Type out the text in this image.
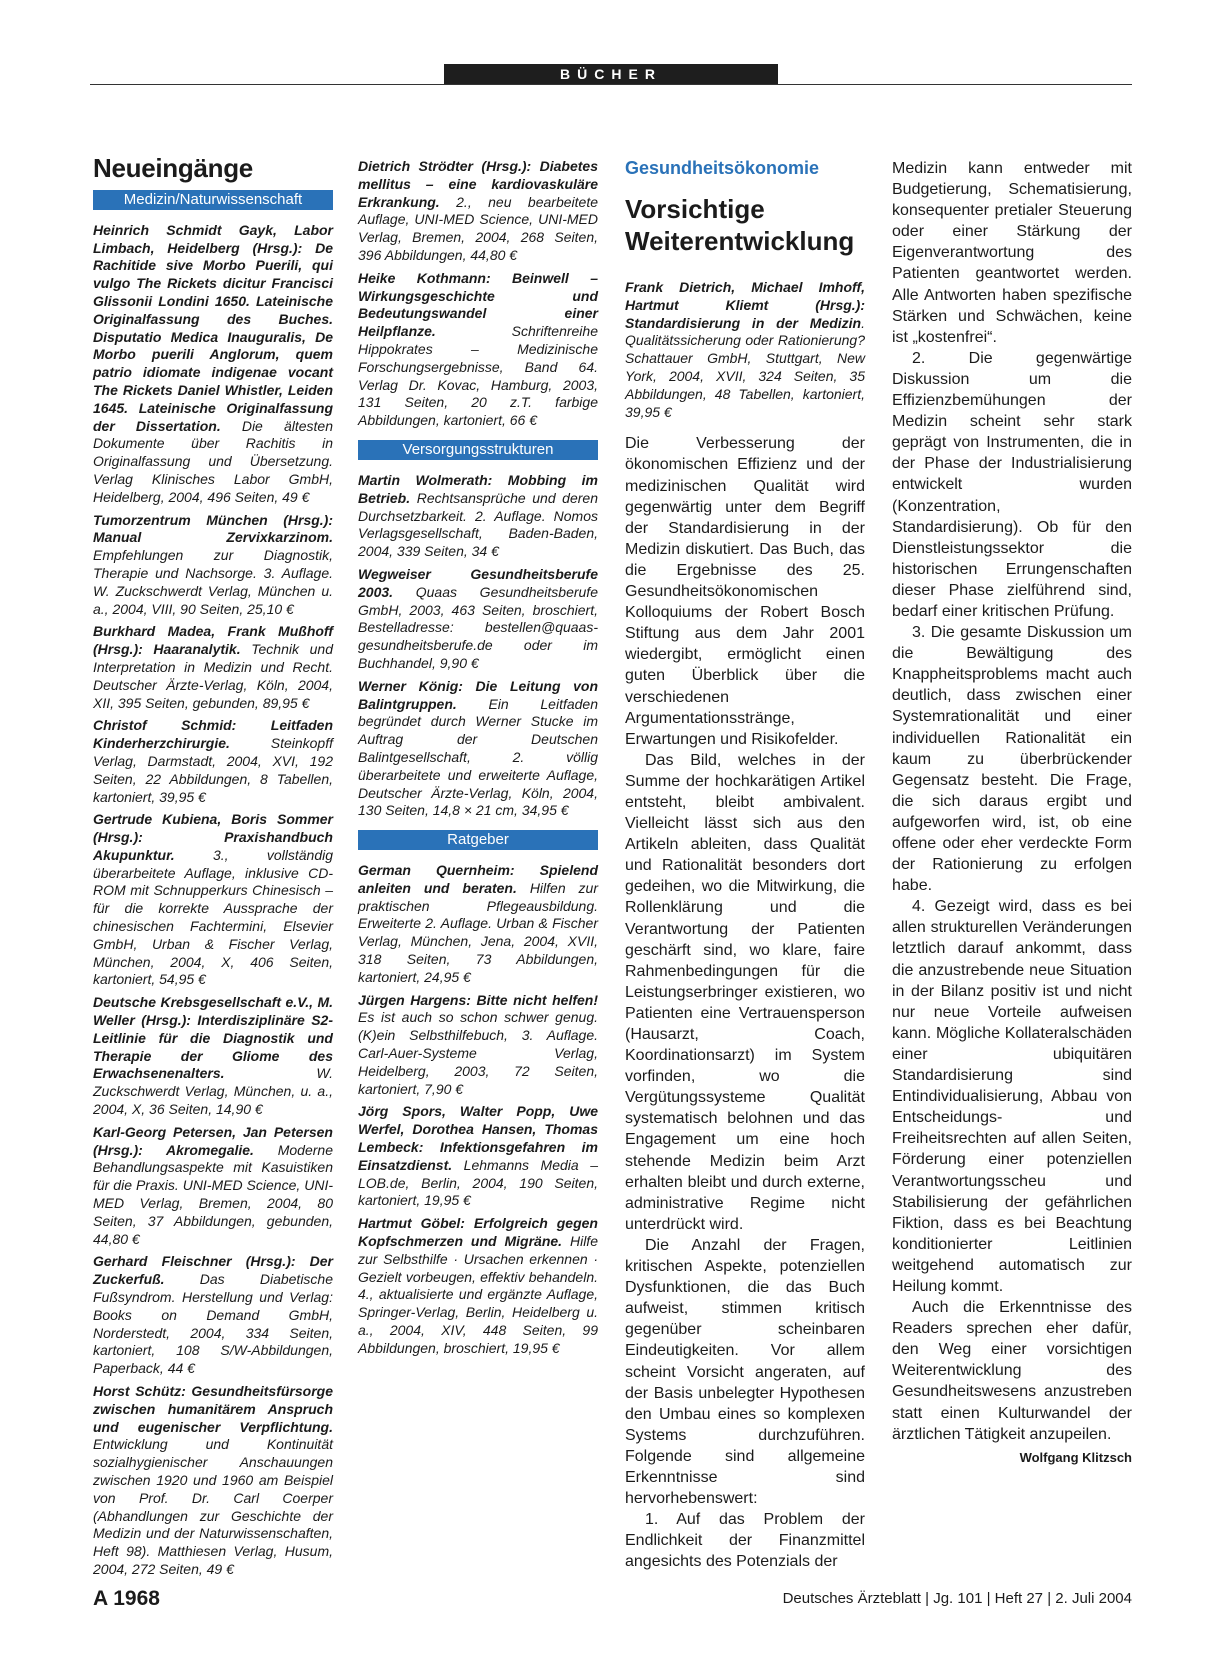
BÜCHER
Neueingänge
Medizin/Naturwissenschaft
Heinrich Schmidt Gayk, Labor Limbach, Heidelberg (Hrsg.): De Rachitide sive Morbo Puerili, qui vulgo The Rickets dicitur Francisci Glissonii Londini 1650. Lateinische Originalfassung des Buches. Disputatio Medica Inauguralis, De Morbo puerili Anglorum, quem patrio idiomate indigenae vocant The Rickets Daniel Whistler, Leiden 1645. Lateinische Originalfassung der Dissertation. Die ältesten Dokumente über Rachitis in Originalfassung und Übersetzung. Verlag Klinisches Labor GmbH, Heidelberg, 2004, 496 Seiten, 49 €
Tumorzentrum München (Hrsg.): Manual Zervixkarzinom. Empfehlungen zur Diagnostik, Therapie und Nachsorge. 3. Auflage. W. Zuckschwerdt Verlag, München u. a., 2004, VIII, 90 Seiten, 25,10 €
Burkhard Madea, Frank Mußhoff (Hrsg.): Haaranalytik. Technik und Interpretation in Medizin und Recht. Deutscher Ärzte-Verlag, Köln, 2004, XII, 395 Seiten, gebunden, 89,95 €
Christof Schmid: Leitfaden Kinderherzchirurgie. Steinkopff Verlag, Darmstadt, 2004, XVI, 192 Seiten, 22 Abbildungen, 8 Tabellen, kartoniert, 39,95 €
Gertrude Kubiena, Boris Sommer (Hrsg.): Praxishandbuch Akupunktur. 3., vollständig überarbeitete Auflage, inklusive CD-ROM mit Schnupperkurs Chinesisch – für die korrekte Aussprache der chinesischen Fachtermini, Elsevier GmbH, Urban & Fischer Verlag, München, 2004, X, 406 Seiten, kartoniert, 54,95 €
Deutsche Krebsgesellschaft e.V., M. Weller (Hrsg.): Interdisziplinäre S2-Leitlinie für die Diagnostik und Therapie der Gliome des Erwachsenenalters. W. Zuckschwerdt Verlag, München, u. a., 2004, X, 36 Seiten, 14,90 €
Karl-Georg Petersen, Jan Petersen (Hrsg.): Akromegalie. Moderne Behandlungsaspekte mit Kasuistiken für die Praxis. UNI-MED Science, UNI-MED Verlag, Bremen, 2004, 80 Seiten, 37 Abbildungen, gebunden, 44,80 €
Gerhard Fleischner (Hrsg.): Der Zuckerfuß. Das Diabetische Fußsyndrom. Herstellung und Verlag: Books on Demand GmbH, Norderstedt, 2004, 334 Seiten, kartoniert, 108 S/W-Abbildungen, Paperback, 44 €
Horst Schütz: Gesundheitsfürsorge zwischen humanitärem Anspruch und eugenischer Verpflichtung. Entwicklung und Kontinuität sozialhygienischer Anschauungen zwischen 1920 und 1960 am Beispiel von Prof. Dr. Carl Coerper (Abhandlungen zur Geschichte der Medizin und der Naturwissenschaften, Heft 98). Matthiesen Verlag, Husum, 2004, 272 Seiten, 49 €
Dietrich Strödter (Hrsg.): Diabetes mellitus – eine kardiovaskuläre Erkrankung. 2., neu bearbeitete Auflage, UNI-MED Science, UNI-MED Verlag, Bremen, 2004, 268 Seiten, 396 Abbildungen, 44,80 €
Heike Kothmann: Beinwell – Wirkungsgeschichte und Bedeutungswandel einer Heilpflanze. Schriftenreihe Hippokrates – Medizinische Forschungsergebnisse, Band 64. Verlag Dr. Kovac, Hamburg, 2003, 131 Seiten, 20 z.T. farbige Abbildungen, kartoniert, 66 €
Versorgungsstrukturen
Martin Wolmerath: Mobbing im Betrieb. Rechtsansprüche und deren Durchsetzbarkeit. 2. Auflage. Nomos Verlagsgesellschaft, Baden-Baden, 2004, 339 Seiten, 34 €
Wegweiser Gesundheitsberufe 2003. Quaas Gesundheitsberufe GmbH, 2003, 463 Seiten, broschiert, Bestelladresse: bestellen@quaas-gesundheitsberufe.de oder im Buchhandel, 9,90 €
Werner König: Die Leitung von Balintgruppen. Ein Leitfaden begründet durch Werner Stucke im Auftrag der Deutschen Balintgesellschaft, 2. völlig überarbeitete und erweiterte Auflage, Deutscher Ärzte-Verlag, Köln, 2004, 130 Seiten, 14,8 × 21 cm, 34,95 €
Ratgeber
German Quernheim: Spielend anleiten und beraten. Hilfen zur praktischen Pflegeausbildung. Erweiterte 2. Auflage. Urban & Fischer Verlag, München, Jena, 2004, XVII, 318 Seiten, 73 Abbildungen, kartoniert, 24,95 €
Jürgen Hargens: Bitte nicht helfen! Es ist auch so schon schwer genug. (K)ein Selbsthilfebuch, 3. Auflage. Carl-Auer-Systeme Verlag, Heidelberg, 2003, 72 Seiten, kartoniert, 7,90 €
Jörg Spors, Walter Popp, Uwe Werfel, Dorothea Hansen, Thomas Lembeck: Infektionsgefahren im Einsatzdienst. Lehmanns Media – LOB.de, Berlin, 2004, 190 Seiten, kartoniert, 19,95 €
Hartmut Göbel: Erfolgreich gegen Kopfschmerzen und Migräne. Hilfe zur Selbsthilfe · Ursachen erkennen · Gezielt vorbeugen, effektiv behandeln. 4., aktualisierte und ergänzte Auflage, Springer-Verlag, Berlin, Heidelberg u. a., 2004, XIV, 448 Seiten, 99 Abbildungen, broschiert, 19,95 €
Gesundheitsökonomie
Vorsichtige
Weiterentwicklung
Frank Dietrich, Michael Imhoff, Hartmut Kliemt (Hrsg.): Standardisierung in der Medizin. Qualitätssicherung oder Rationierung? Schattauer GmbH, Stuttgart, New York, 2004, XVII, 324 Seiten, 35 Abbildungen, 48 Tabellen, kartoniert, 39,95 €

Die Verbesserung der ökonomischen Effizienz und der medizinischen Qualität wird gegenwärtig unter dem Begriff der Standardisierung in der Medizin diskutiert. Das Buch, das die Ergebnisse des 25. Gesundheitsökonomischen Kolloquiums der Robert Bosch Stiftung aus dem Jahr 2001 wiedergibt, ermöglicht einen guten Überblick über die verschiedenen Argumentationsstränge, Erwartungen und Risikofelder.

Das Bild, welches in der Summe der hochkarätigen Artikel entsteht, bleibt ambivalent. Vielleicht lässt sich aus den Artikeln ableiten, dass Qualität und Rationalität besonders dort gedeihen, wo die Mitwirkung, die Rollenklärung und die Verantwortung der Patienten geschärft sind, wo klare, faire Rahmenbedingungen für die Leistungserbringer existieren, wo Patienten eine Vertrauensperson (Hausarzt, Coach, Koordinationsarzt) im System vorfinden, wo die Vergütungssysteme Qualität systematisch belohnen und das Engagement um eine hoch stehende Medizin beim Arzt erhalten bleibt und durch externe, administrative Regime nicht unterdrückt wird.

Die Anzahl der Fragen, kritischen Aspekte, potenziellen Dysfunktionen, die das Buch aufweist, stimmen kritisch gegenüber scheinbaren Eindeutigkeiten. Vor allem scheint Vorsicht angeraten, auf der Basis unbelegter Hypothesen den Umbau eines so komplexen Systems durchzuführen. Folgende sind allgemeine Erkenntnisse sind hervorhebenswert:

1. Auf das Problem der Endlichkeit der Finanzmittel angesichts des Potenzials der

Medizin kann entweder mit Budgetierung, Schematisierung, konsequenter pretialer Steuerung oder einer Stärkung der Eigenverantwortung des Patienten geantwortet werden. Alle Antworten haben spezifische Stärken und Schwächen, keine ist „kostenfrei“.

2. Die gegenwärtige Diskussion um die Effizienzbemühungen der Medizin scheint sehr stark geprägt von Instrumenten, die in der Phase der Industrialisierung entwickelt wurden (Konzentration, Standardisierung). Ob für den Dienstleistungssektor die historischen Errungenschaften dieser Phase zielführend sind, bedarf einer kritischen Prüfung.

3. Die gesamte Diskussion um die Bewältigung des Knappheitsproblems macht auch deutlich, dass zwischen einer Systemrationalität und einer individuellen Rationalität ein kaum zu überbrückender Gegensatz besteht. Die Frage, die sich daraus ergibt und aufgeworfen wird, ist, ob eine offene oder eher verdeckte Form der Rationierung zu erfolgen habe.

4. Gezeigt wird, dass es bei allen strukturellen Veränderungen letztlich darauf ankommt, dass die anzustrebende neue Situation in der Bilanz positiv ist und nicht nur neue Vorteile aufweisen kann. Mögliche Kollateralschäden einer ubiquitären Standardisierung sind Entindividualisierung, Abbau von Entscheidungs- und Freiheitsrechten auf allen Seiten, Förderung einer potenziellen Verantwortungsscheu und Stabilisierung der gefährlichen Fiktion, dass es bei Beachtung konditionierter Leitlinien weitgehend automatisch zur Heilung kommt.

Auch die Erkenntnisse des Readers sprechen eher dafür, den Weg einer vorsichtigen Weiterentwicklung des Gesundheitswesens anzustreben statt einen Kulturwandel der ärztlichen Tätigkeit anzupeilen.

Wolfgang Klitzsch
A 1968	Deutsches Ärzteblatt | Jg. 101 | Heft 27 | 2. Juli 2004
